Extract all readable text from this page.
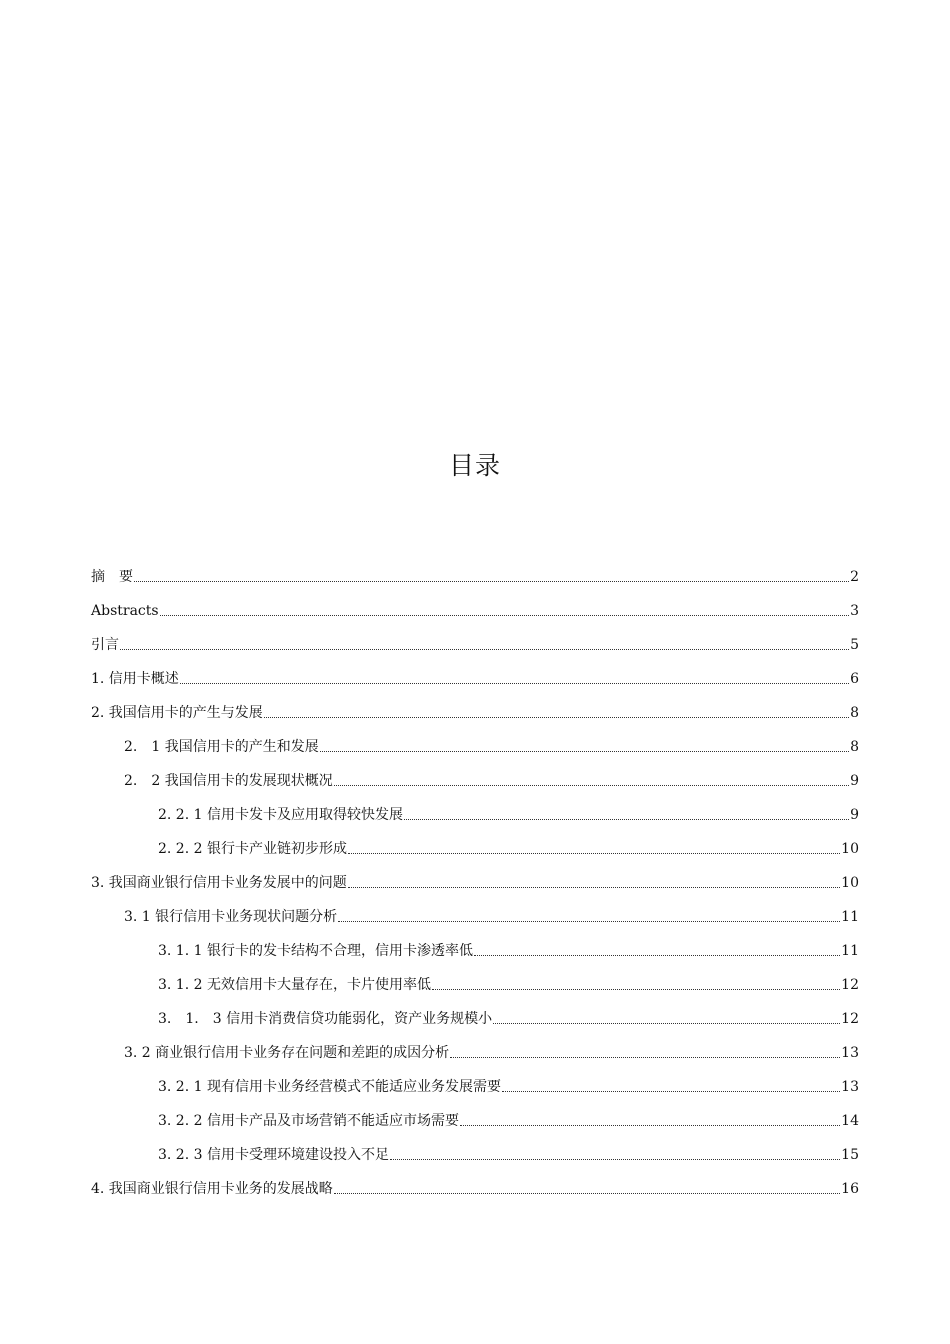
目录
摘　要	2
Abstracts	3
引言	5
1. 信用卡概述	6
2. 我国信用卡的产生与发展	8
2.　1 我国信用卡的产生和发展	8
2.　2 我国信用卡的发展现状概况	9
2. 2. 1 信用卡发卡及应用取得较快发展	9
2. 2. 2 银行卡产业链初步形成	10
3. 我国商业银行信用卡业务发展中的问题	10
3. 1 银行信用卡业务现状问题分析	11
3. 1. 1 银行卡的发卡结构不合理，信用卡渗透率低	11
3. 1. 2 无效信用卡大量存在，卡片使用率低	12
3.　1.　3 信用卡消费信贷功能弱化，资产业务规模小	12
3. 2 商业银行信用卡业务存在问题和差距的成因分析	13
3. 2. 1 现有信用卡业务经营模式不能适应业务发展需要	13
3. 2. 2 信用卡产品及市场营销不能适应市场需要	14
3. 2. 3 信用卡受理环境建设投入不足	15
4. 我国商业银行信用卡业务的发展战略	16
